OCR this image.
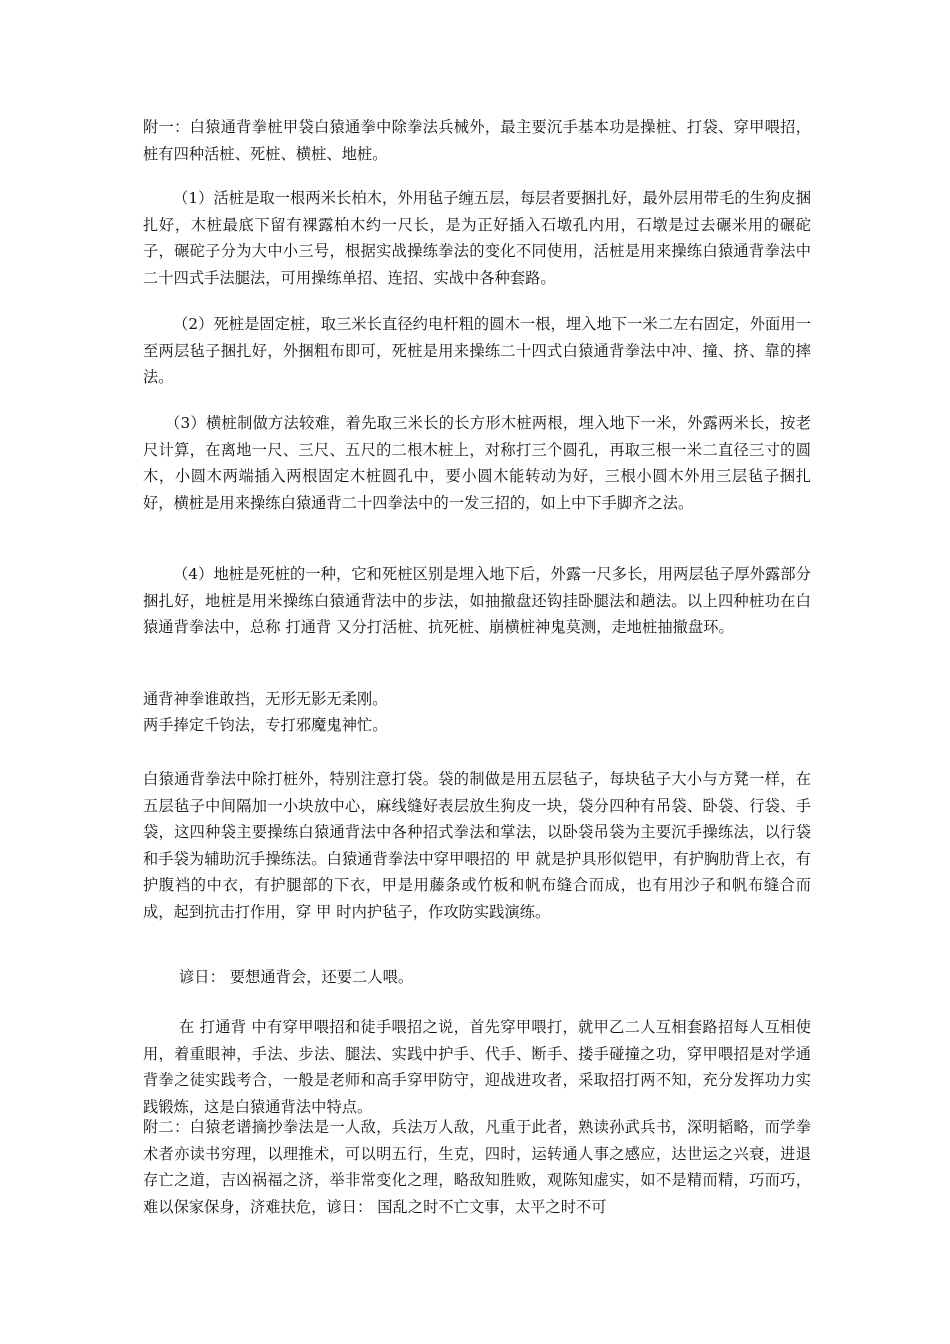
附一：白猿通背拳桩甲袋白猿通拳中除拳法兵械外，最主要沉手基本功是操桩、打袋、穿甲喂招，桩有四种活桩、死桩、横桩、地桩。

（1）活桩是取一根两米长柏木，外用毡子缠五层，每层者要捆扎好，最外层用带毛的生狗皮捆扎好，木桩最底下留有裸露柏木约一尺长，是为正好插入石墩孔内用，石墩是过去碾米用的碾砣子，碾砣子分为大中小三号，根据实战操练拳法的变化不同使用，活桩是用来操练白猿通背拳法中二十四式手法腿法，可用操练单招、连招、实战中各种套路。

（2）死桩是固定桩，取三米长直径约电杆粗的圆木一根，埋入地下一米二左右固定，外面用一至两层毡子捆扎好，外捆粗布即可，死桩是用来操练二十四式白猿通背拳法中冲、撞、挤、靠的摔法。

（3）横桩制做方法较难，着先取三米长的长方形木桩两根，埋入地下一米，外露两米长，按老尺计算，在离地一尺、三尺、五尺的二根木桩上，对称打三个圆孔，再取三根一米二直径三寸的圆木，小圆木两端插入两根固定木桩圆孔中，要小圆木能转动为好，三根小圆木外用三层毡子捆扎好，横桩是用来操练白猿通背二十四拳法中的一发三招的，如上中下手脚齐之法。

（4）地桩是死桩的一种，它和死桩区别是埋入地下后，外露一尺多长，用两层毡子厚外露部分捆扎好，地桩是用米操练白猿通背法中的步法，如抽撤盘还钩挂卧腿法和趟法。以上四种桩功在白猿通背拳法中，总称 打通背 又分打活桩、抗死桩、崩横桩神鬼莫测，走地桩抽撤盘环。

通背神拳谁敢挡，无形无影无柔刚。

两手捧定千钧法，专打邪魔鬼神忙。

白猿通背拳法中除打桩外，特别注意打袋。袋的制做是用五层毡子，每块毡子大小与方凳一样，在五层毡子中间隔加一小块放中心，麻线缝好表层放生狗皮一块，袋分四种有吊袋、卧袋、行袋、手袋，这四种袋主要操练白猿通背法中各种招式拳法和掌法，以卧袋吊袋为主要沉手操练法，以行袋和手袋为辅助沉手操练法。白猿通背拳法中穿甲喂招的 甲 就是护具形似铠甲，有护胸肋背上衣，有护腹裆的中衣，有护腿部的下衣，甲是用藤条或竹板和帆布缝合而成，也有用沙子和帆布缝合而成，起到抗击打作用，穿 甲 时内护毡子，作攻防实践演练。

谚日： 要想通背会，还要二人喂。

在 打通背 中有穿甲喂招和徒手喂招之说，首先穿甲喂打，就甲乙二人互相套路招每人互相使用，着重眼神，手法、步法、腿法、实践中护手、代手、断手、搂手碰撞之功，穿甲喂招是对学通背拳之徒实践考合，一般是老师和高手穿甲防守，迎战进攻者，采取招打两不知，充分发挥功力实践锻炼，这是白猿通背法中特点。

附二：白猿老谱摘抄拳法是一人敌，兵法万人敌，凡重于此者，熟读孙武兵书，深明韬略，而学拳术者亦读书穷理，以理推术，可以明五行，生克，四时，运转通人事之感应，达世运之兴衰，进退存亡之道，吉凶祸福之济，举非常变化之理，略敌知胜败，观陈知虚实，如不是精而精，巧而巧，难以保家保身，济难扶危，谚日： 国乱之时不亡文事，太平之时不可
